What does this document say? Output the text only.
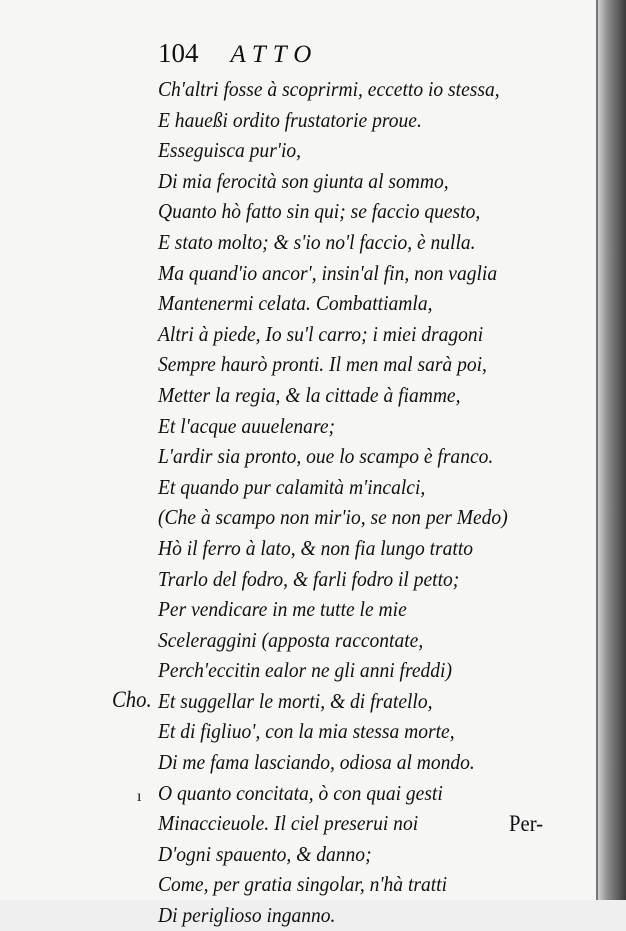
104 ATTO
Ch'altri fosse à scoprirmi, eccetto io stessa,
E haueßi ordito frustatorie proue.
Esseguisca pur'io,
Di mia ferocità son giunta al sommo,
Quanto hò fatto sin qui; se faccio questo,
E stato molto; & s'io no'l faccio, è nulla.
Ma quand'io ancor', insin'al fin, non vaglia
Mantenermi celata. Combattiamla,
Altri à piede, Io su'l carro; i miei dragoni
Sempre haurò pronti. Il men mal sarà poi,
Metter la regia, & la cittade à fiamme,
Et l'acque auuelenare;
L'ardir sia pronto, oue lo scampo è franco.
Et quando pur calamità m'incalci,
(Che à scampo non mir'io, se non per Medo)
Hò il ferro à lato, & non fia lungo tratto
Trarlo del fodro, & farli fodro il petto;
Per vendicare in me tutte le mie
Sceleraggini (apposta raccontate,
Perch'eccitin ealor ne gli anni freddi)
Et suggellar le morti, & di fratello,
Et di figliuo', con la mia stessa morte,
Di me fama lasciando, odiosa al mondo.
O quanto concitata, ò con quai gesti
Minaccieuole. Il ciel preserui noi
D'ogni spauento, & danno;
Come, per gratia singolar, n'hà tratti
Di periglioso inganno.
Cho.
ı
Per-
